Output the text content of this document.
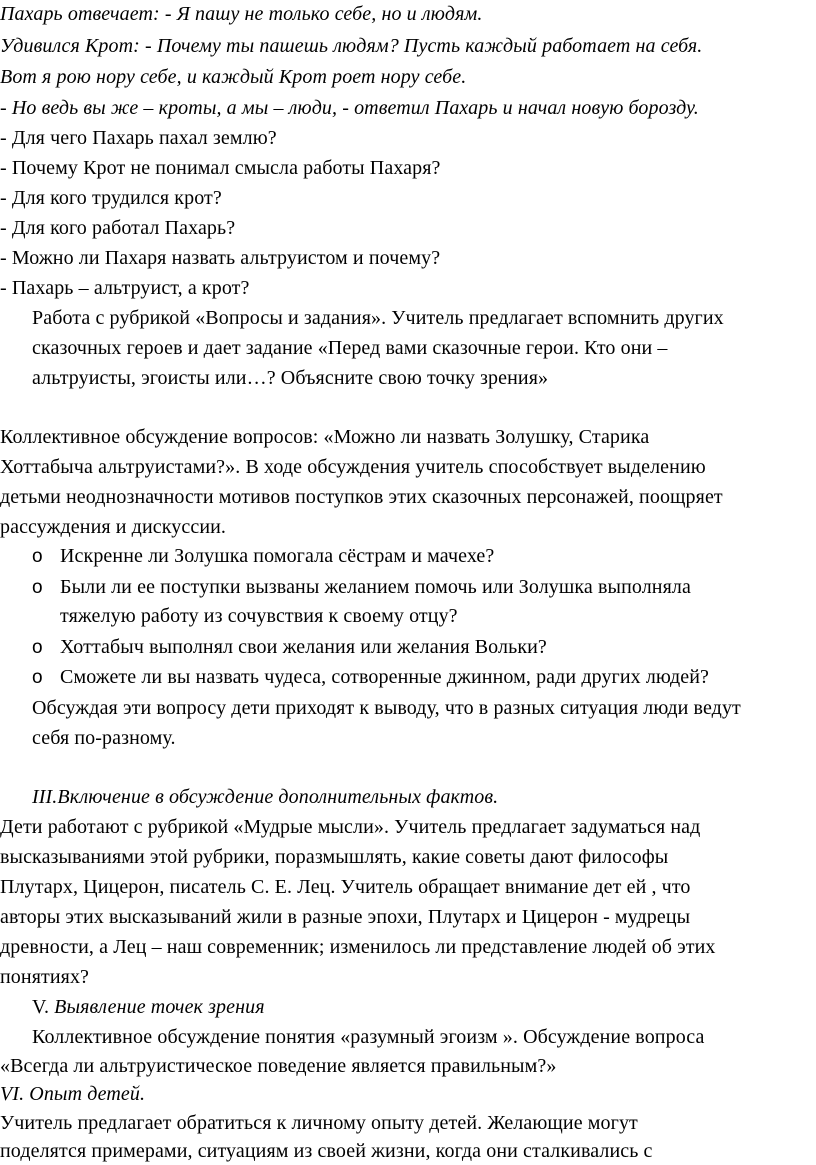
Пахарь отвечает: - Я пашу не только себе, но и людям.
Удивился Крот: - Почему ты пашешь людям? Пусть каждый работает на себя.
Вот я рою нору себе, и каждый Крот роет нору себе.
- Но ведь вы же – кроты, а мы – люди, - ответил Пахарь и начал новую борозду.
- Для чего Пахарь пахал землю?
- Почему Крот не понимал смысла работы Пахаря?
- Для кого трудился крот?
- Для кого работал Пахарь?
- Можно ли Пахаря назвать альтруистом и почему?
- Пахарь – альтруист, а крот?
Работа с рубрикой «Вопросы и задания». Учитель предлагает вспомнить других
сказочных героев и дает задание «Перед вами сказочные герои. Кто они –
альтруисты, эгоисты или…? Объясните свою точку зрения»
Коллективное обсуждение вопросов: «Можно ли назвать Золушку, Старика
Хоттабыча альтруистами?». В ходе обсуждения учитель способствует выделению
детьми неоднозначности мотивов поступков этих сказочных персонажей, поощряет
рассуждения и дискуссии.
o Искренне ли Золушка помогала сёстрам и мачехе?
o Были ли ее поступки вызваны желанием помочь или Золушка выполняла
тяжелую работу из сочувствия к своему отцу?
o Хоттабыч выполнял свои желания или желания Вольки?
o Сможете ли вы назвать чудеса, сотворенные джинном, ради других людей?
Обсуждая эти вопросу дети приходят к выводу, что в разных ситуация люди ведут
себя по-разному.
III.Включение в обсуждение дополнительных фактов.
Дети работают с рубрикой «Мудрые мысли». Учитель предлагает задуматься над
высказываниями этой рубрики, поразмышлять, какие советы дают философы
Плутарх, Цицерон, писатель С. Е. Лец. Учитель обращает внимание дет ей , что
авторы этих высказываний жили в разные эпохи, Плутарх и Цицерон - мудрецы
древности, а Лец – наш современник; изменилось ли представление людей об этих
понятиях?
V. Выявление точек зрения
Коллективное обсуждение понятия «разумный эгоизм ». Обсуждение вопроса
«Всегда ли альтруистическое поведение является правильным?»
VI. Опыт детей.
Учитель предлагает обратиться к личному опыту детей. Желающие могут
поделятся примерами, ситуациям из своей жизни, когда они сталкивались с
